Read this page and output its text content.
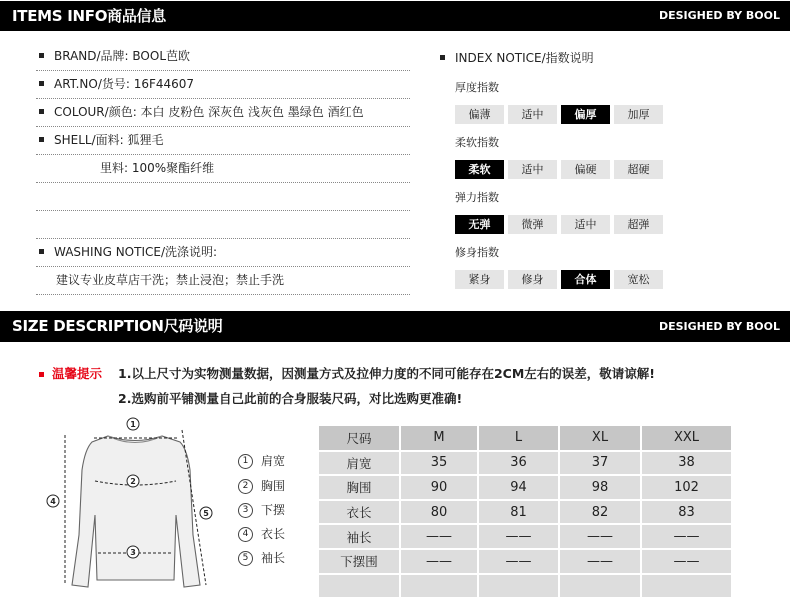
ITEMS INFO商品信息	DESIGHED BY BOOL
BRAND/品牌: BOOL芭欧
ART.NO/货号: 16F44607
COLOUR/颜色: 本白 皮粉色 深灰色 浅灰色 墨绿色 酒红色
SHELL/面料: 狐狸毛
里料: 100%聚酯纤维
WASHING NOTICE/洗涤说明:
建议专业皮草店干洗；禁止浸泡；禁止手洗
INDEX NOTICE/指数说明
厚度指数
偏薄	适中	偏厚	加厚
柔软指数
柔软	适中	偏硬	超硬
弹力指数
无弹	微弹	适中	超弹
修身指数
紧身	修身	合体	宽松
SIZE DESCRIPTION尺码说明	DESIGHED BY BOOL
温馨提示 1.以上尺寸为实物测量数据，因测量方式及拉伸力度的不同可能存在2CM左右的误差，敬请谅解!
2.选购前平铺测量自己此前的合身服装尺码，对比选购更准确!
1
2
3
4
5
1 肩宽
2 胸围
3 下摆
4 衣长
5 袖长
尺码	M	L	XL	XXL
肩宽	35	36	37	38
胸围	90	94	98	102
衣长	80	81	82	83
袖长	——	——	——	——
下摆围	——	——	——	——
